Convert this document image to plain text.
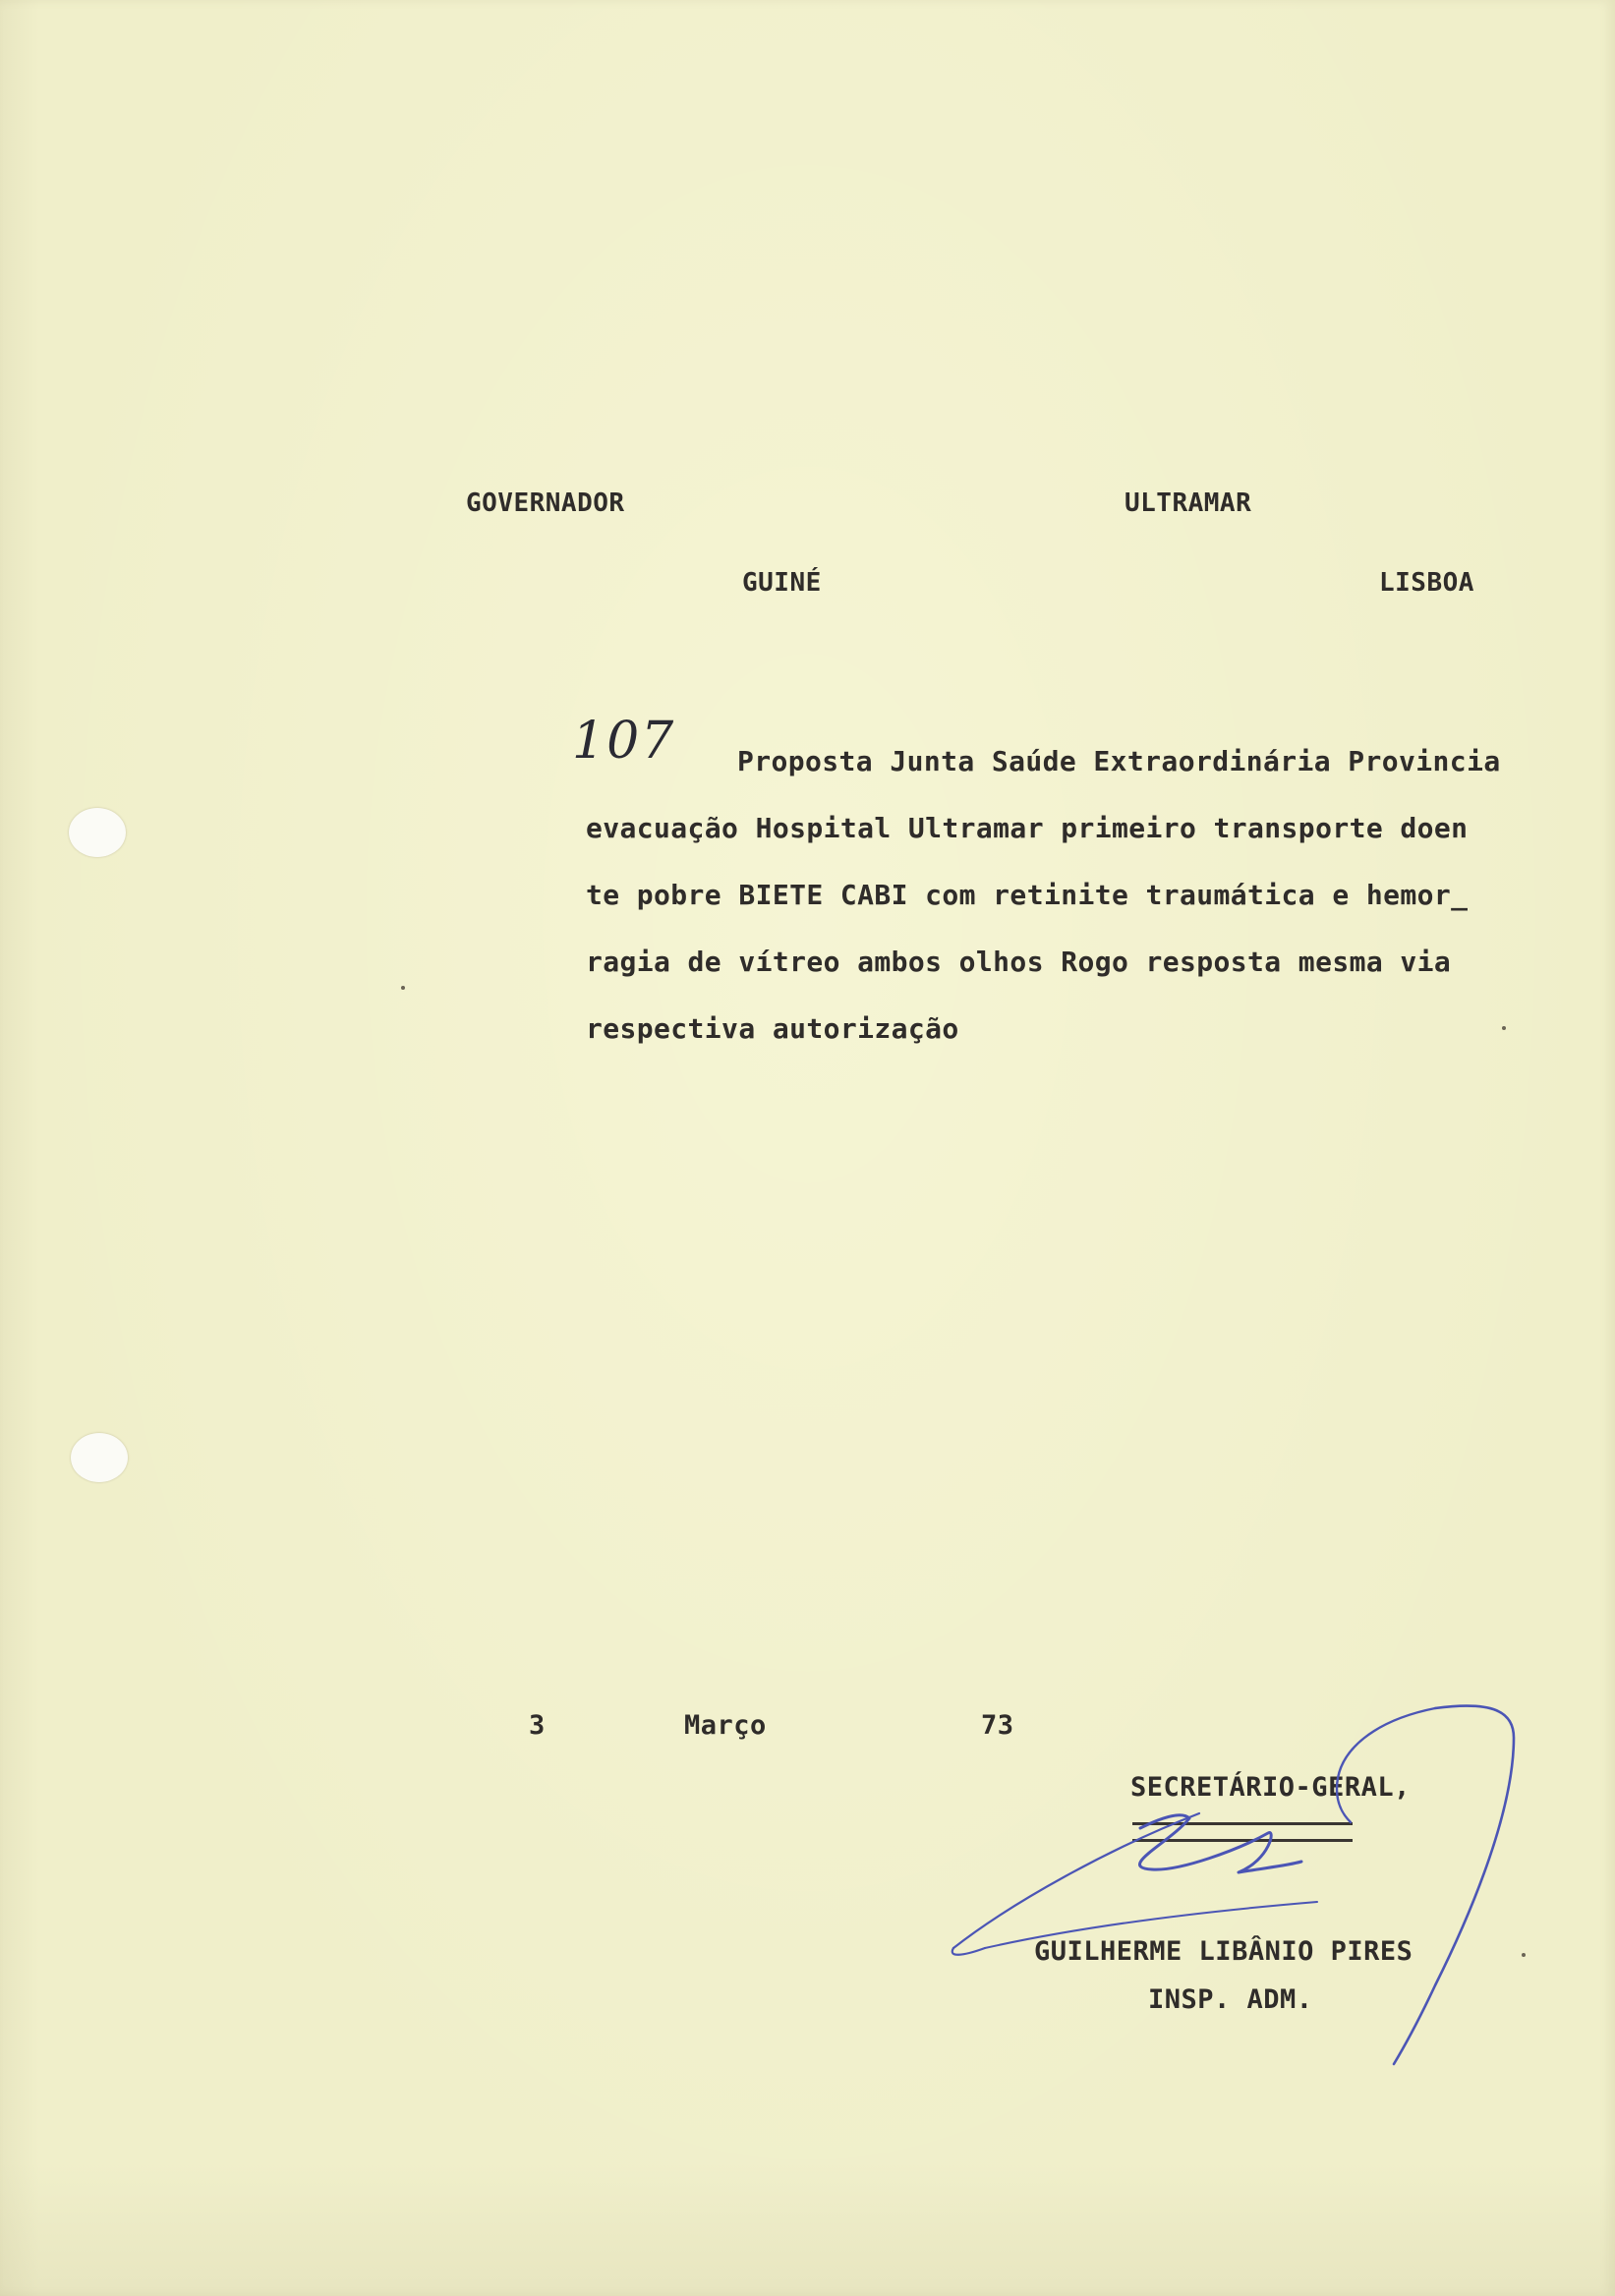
GOVERNADOR
GUINÉ
ULTRAMAR
LISBOA
107 Proposta Junta Saúde Extraordinária Provincia
evacuação Hospital Ultramar primeiro transporte doen
te pobre BIETE CABI com retinite traumática e hemor_
ragia de vítreo ambos olhos Rogo resposta mesma via
respectiva autorização
3	Março	73
SECRETÁRIO-GERAL,
GUILHERME LIBÂNIO PIRES
INSP. ADM.
